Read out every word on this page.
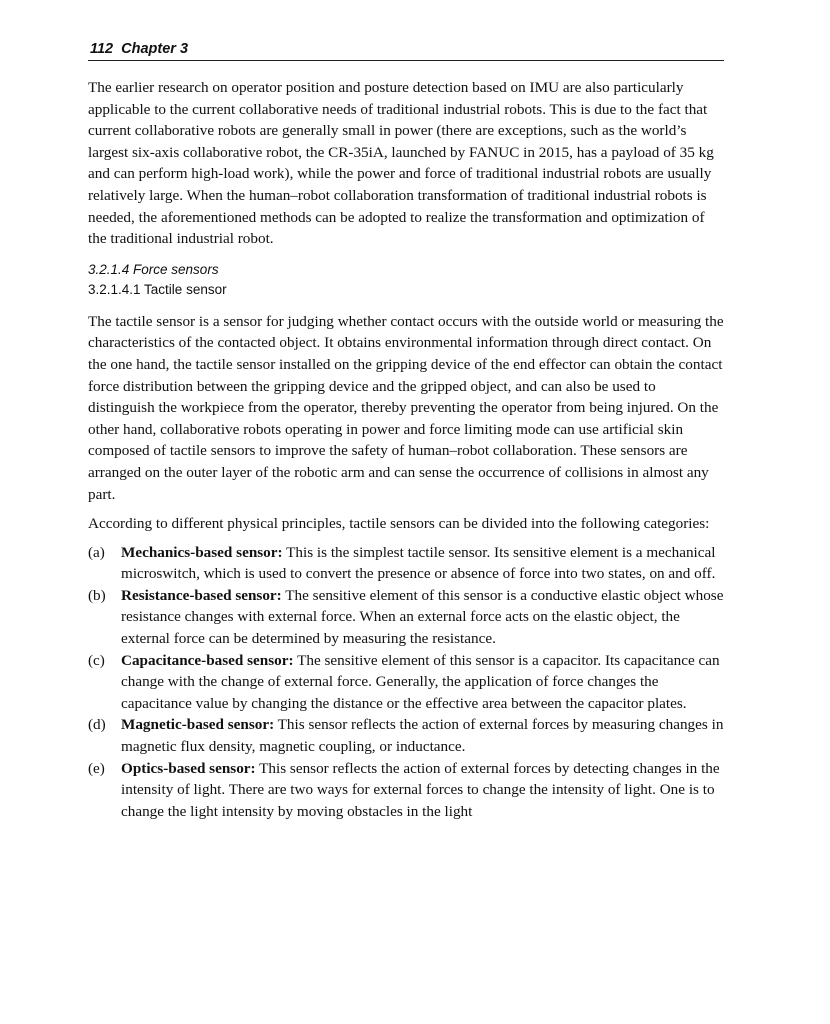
112 Chapter 3

The earlier research on operator position and posture detection based on IMU are also particularly applicable to the current collaborative needs of traditional industrial robots. This is due to the fact that current collaborative robots are generally small in power (there are exceptions, such as the world’s largest six-axis collaborative robot, the CR-35iA, launched by FANUC in 2015, has a payload of 35 kg and can perform high-load work), while the power and force of traditional industrial robots are usually relatively large. When the human–robot collaboration transformation of traditional industrial robots is needed, the aforementioned methods can be adopted to realize the transformation and optimization of the traditional industrial robot.

3.2.1.4 Force sensors
3.2.1.4.1 Tactile sensor

The tactile sensor is a sensor for judging whether contact occurs with the outside world or measuring the characteristics of the contacted object. It obtains environmental information through direct contact. On the one hand, the tactile sensor installed on the gripping device of the end effector can obtain the contact force distribution between the gripping device and the gripped object, and can also be used to distinguish the workpiece from the operator, thereby preventing the operator from being injured. On the other hand, collaborative robots operating in power and force limiting mode can use artificial skin composed of tactile sensors to improve the safety of human–robot collaboration. These sensors are arranged on the outer layer of the robotic arm and can sense the occurrence of collisions in almost any part.

According to different physical principles, tactile sensors can be divided into the following categories:

(a)	Mechanics-based sensor: This is the simplest tactile sensor. Its sensitive element is a mechanical microswitch, which is used to convert the presence or absence of force into two states, on and off.
(b)	Resistance-based sensor: The sensitive element of this sensor is a conductive elastic object whose resistance changes with external force. When an external force acts on the elastic object, the external force can be determined by measuring the resistance.
(c)	Capacitance-based sensor: The sensitive element of this sensor is a capacitor. Its capacitance can change with the change of external force. Generally, the application of force changes the capacitance value by changing the distance or the effective area between the capacitor plates.
(d)	Magnetic-based sensor: This sensor reflects the action of external forces by measuring changes in magnetic flux density, magnetic coupling, or inductance.
(e)	Optics-based sensor: This sensor reflects the action of external forces by detecting changes in the intensity of light. There are two ways for external forces to change the intensity of light. One is to change the light intensity by moving obstacles in the light
